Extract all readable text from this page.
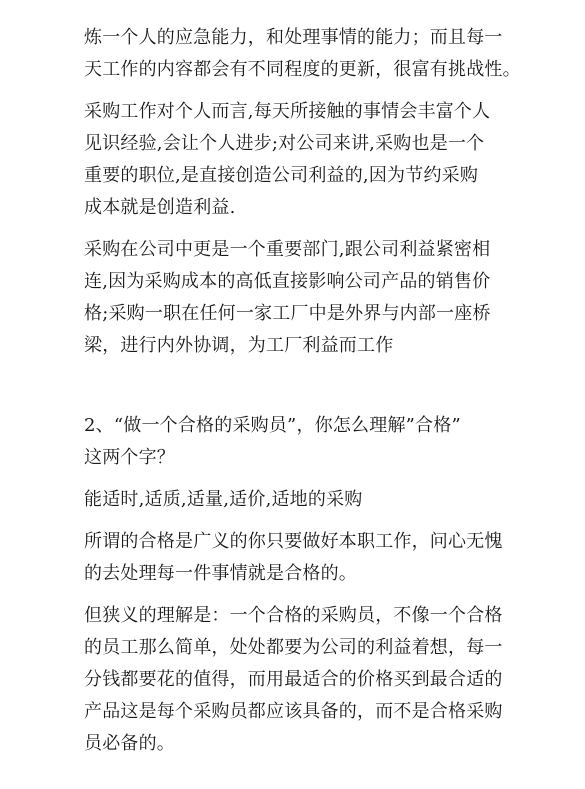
炼一个人的应急能力，和处理事情的能力；而且每一
天工作的内容都会有不同程度的更新，很富有挑战性。
采购工作对个人而言,每天所接触的事情会丰富个人
见识经验,会让个人进步;对公司来讲,采购也是一个
重要的职位,是直接创造公司利益的,因为节约采购
成本就是创造利益.
采购在公司中更是一个重要部门,跟公司利益紧密相
连,因为采购成本的高低直接影响公司产品的销售价
格;采购一职在任何一家工厂中是外界与内部一座桥
梁，进行内外协调，为工厂利益而工作
2、“做一个合格的采购员”，你怎么理解”合格”
这两个字？
能适时,适质,适量,适价,适地的采购
所谓的合格是广义的你只要做好本职工作，问心无愧
的去处理每一件事情就是合格的。
但狭义的理解是：一个合格的采购员，不像一个合格
的员工那么简单，处处都要为公司的利益着想，每一
分钱都要花的值得，而用最适合的价格买到最合适的
产品这是每个采购员都应该具备的，而不是合格采购
员必备的。
